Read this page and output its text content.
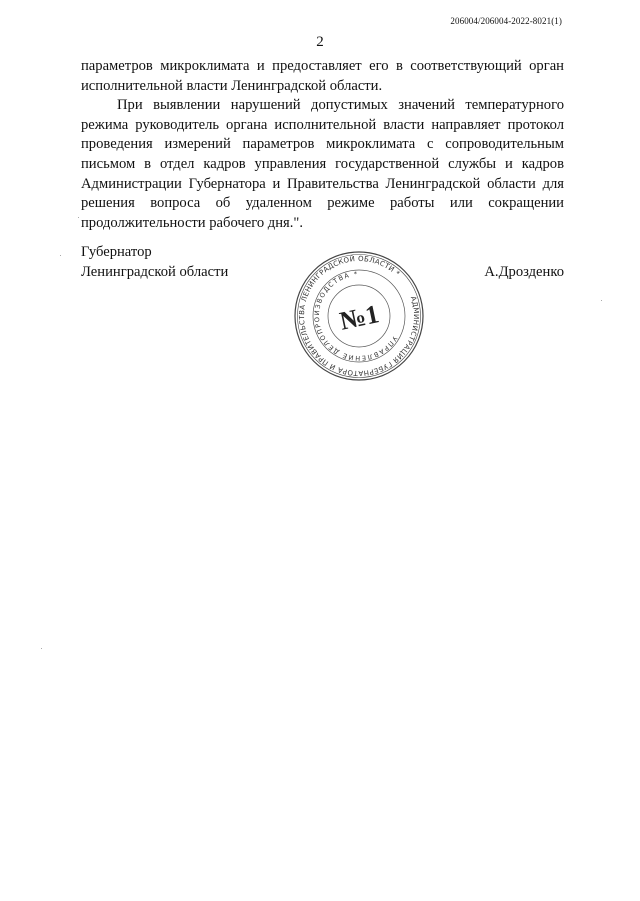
206004/206004-2022-8021(1)
2

параметров микроклимата и предоставляет его в соответствующий орган исполнительной власти Ленинградской области.

При выявлении нарушений допустимых значений температурного режима руководитель органа исполнительной власти направляет протокол проведения измерений параметров микроклимата с сопроводительным письмом в отдел кадров управления государственной службы и кадров Администрации Губернатора и Правительства Ленинградской области для решения вопроса об удаленном режиме работы или сокращении продолжительности рабочего дня.".

Губернатор
Ленинградской области	А.Дрозденко
АДМИНИСТРАЦИЯ ГУБЕРНАТОРА И ПРАВИТЕЛЬСТВА ЛЕНИНГРАДСКОЙ ОБЛАСТИ *
УПРАВЛЕНИЕ ДЕЛОПРОИЗВОДСТВА *
№1
